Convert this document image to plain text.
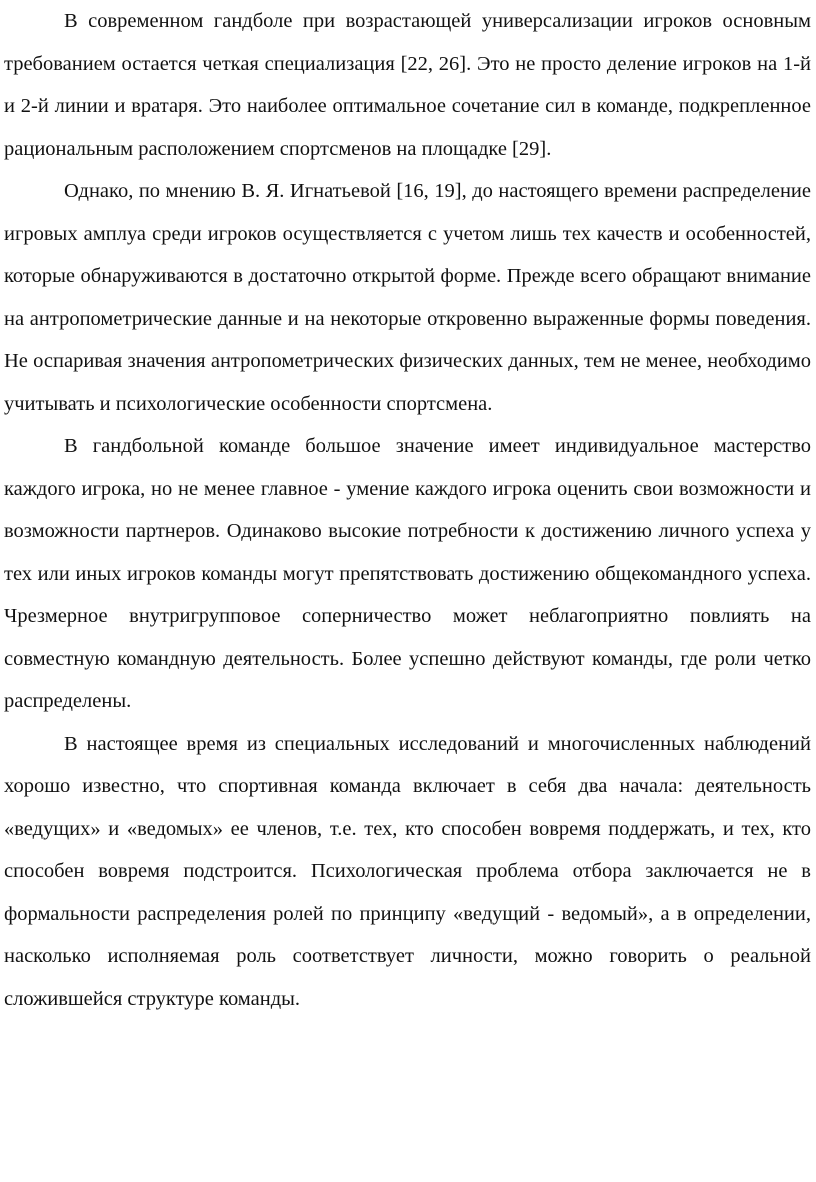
В современном гандболе при возрастающей универсализации игроков основным требованием остается четкая специализация [22, 26]. Это не просто деление игроков на 1-й и 2-й линии и вратаря. Это наиболее оптимальное сочетание сил в команде, подкрепленное рациональным расположением спортсменов на площадке [29].

Однако, по мнению В. Я. Игнатьевой [16, 19], до настоящего времени распределение игровых амплуа среди игроков осуществляется с учетом лишь тех качеств и особенностей, которые обнаруживаются в достаточно открытой форме. Прежде всего обращают внимание на антропометрические данные и на некоторые откровенно выраженные формы поведения. Не оспаривая значения антропометрических физических данных, тем не менее, необходимо учитывать и психологические особенности спортсмена.

В гандбольной команде большое значение имеет индивидуальное мастерство каждого игрока, но не менее главное - умение каждого игрока оценить свои возможности и возможности партнеров. Одинаково высокие потребности к достижению личного успеха у тех или иных игроков команды могут препятствовать достижению общекомандного успеха. Чрезмерное внутригрупповое соперничество может неблагоприятно повлиять на совместную командную деятельность. Более успешно действуют команды, где роли четко распределены.

В настоящее время из специальных исследований и многочисленных наблюдений хорошо известно, что спортивная команда включает в себя два начала: деятельность «ведущих» и «ведомых» ее членов, т.е. тех, кто способен вовремя поддержать, и тех, кто способен вовремя подстроится. Психологическая проблема отбора заключается не в формальности распределения ролей по принципу «ведущий - ведомый», а в определении, насколько исполняемая роль соответствует личности, можно говорить о реальной сложившейся структуре команды.
